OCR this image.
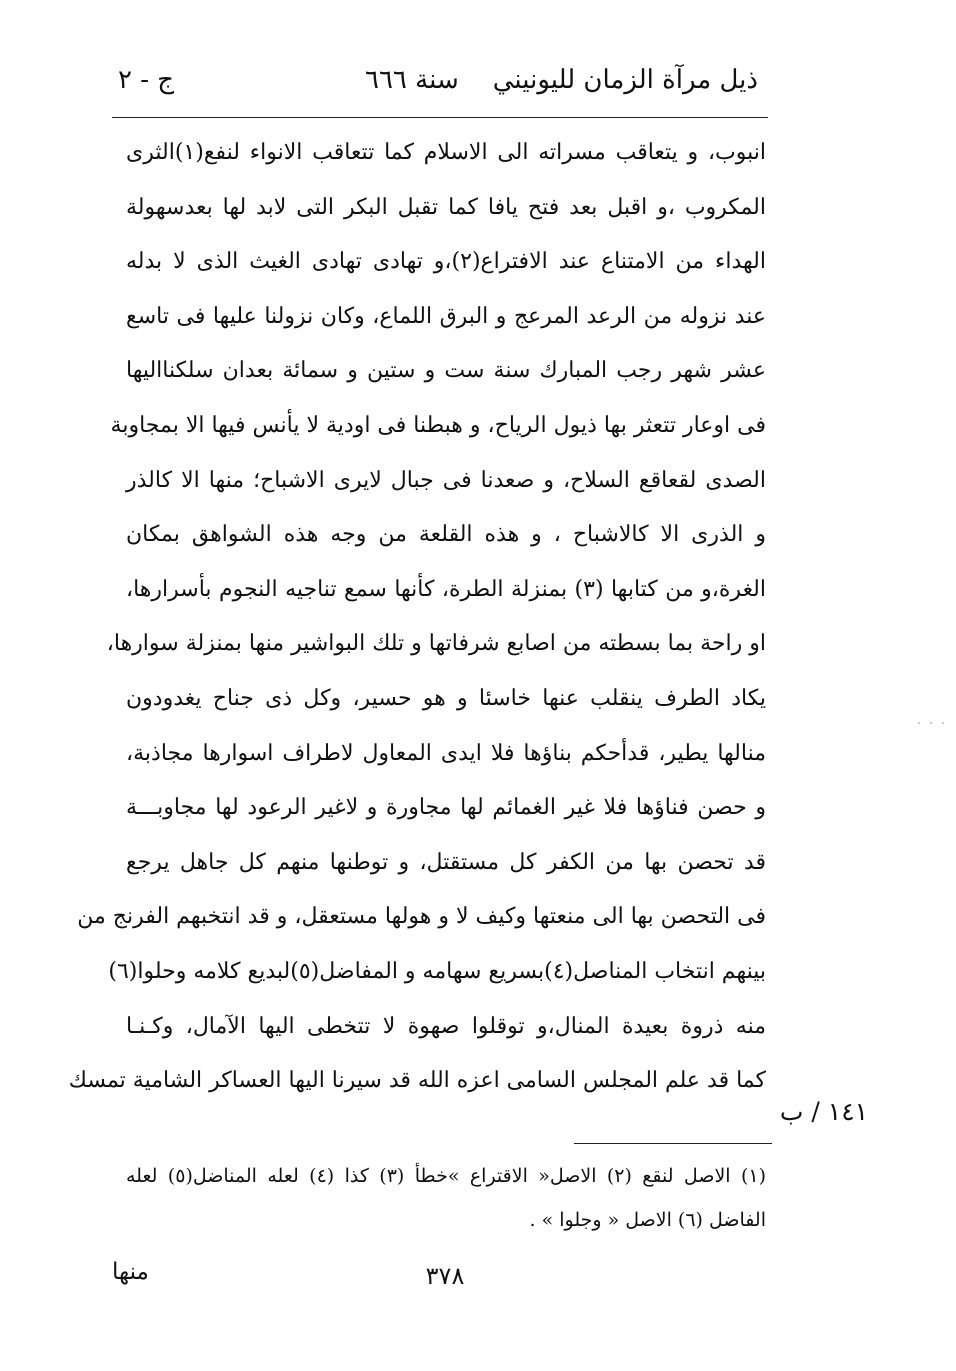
ذيل مرآة الزمان لليونينيسنة ٦٦٦
ج - ٢
انبوب، و يتعاقب مسراته الى الاسلام كما تتعاقب الانواء لنفع(١)الثرى
المكروب ،و اقبل بعد فتح يافا كما تقبل البكر التى لابد لها بعدسهولة
الهداء من الامتناع عند الافتراع(٢)،و تهادى تهادى الغيث الذى لا بدله
عند نزوله من الرعد المرعج و البرق اللماع، وكان نزولنا عليها فى تاسع
عشر شهر رجب المبارك سنة ست و ستين و سمائة بعدان سلكنااليها
فى اوعار تتعثر بها ذيول الرياح، و هبطنا فى اودية لا يأنس فيها الا بمجاوبة
الصدى لقعاقع السلاح، و صعدنا فى جبال لايرى الاشباح؛ منها الا كالذر
و الذرى الا كالاشباح ، و هذه القلعة من وجه هذه الشواهق بمكان
الغرة،و من كتابها (٣) بمنزلة الطرة، كأنها سمع تناجيه النجوم بأسرارها،
او راحة بما بسطته من اصابع شرفاتها و تلك البواشير منها بمنزلة سوارها،
يكاد الطرف ينقلب عنها خاسئا و هو حسير، وكل ذى جناح يغدودون
منالها يطير، قدأحكم بناؤها فلا ايدى المعاول لاطراف اسوارها مجاذبة،
و حصن فناؤها فلا غير الغمائم لها مجاورة و لاغير الرعود لها مجاوبـــة
قد تحصن بها من الكفر كل مستقتل، و توطنها منهم كل جاهل يرجع
فى التحصن بها الى منعتها وكيف لا و هولها مستعقل، و قد انتخبهم الفرنج من
بينهم انتخاب المناصل(٤)بسريع سهامه و المفاضل(٥)لبديع كلامه وحلوا(٦)
منه ذروة بعيدة المنال،و توقلوا صهوة لا تتخطى اليها الآمال، وكـنـا
كما قد علم المجلس السامى اعزه الله قد سيرنا اليها العساكر الشامية تمسك
١٤١ / ب
(١) الاصل لنقع (٢) الاصل« الاقتراع »خطأ (٣) كذا (٤) لعله المناضل(٥) لعله
الفاضل (٦) الاصل « وجلوا » .
٣٧٨
منها
